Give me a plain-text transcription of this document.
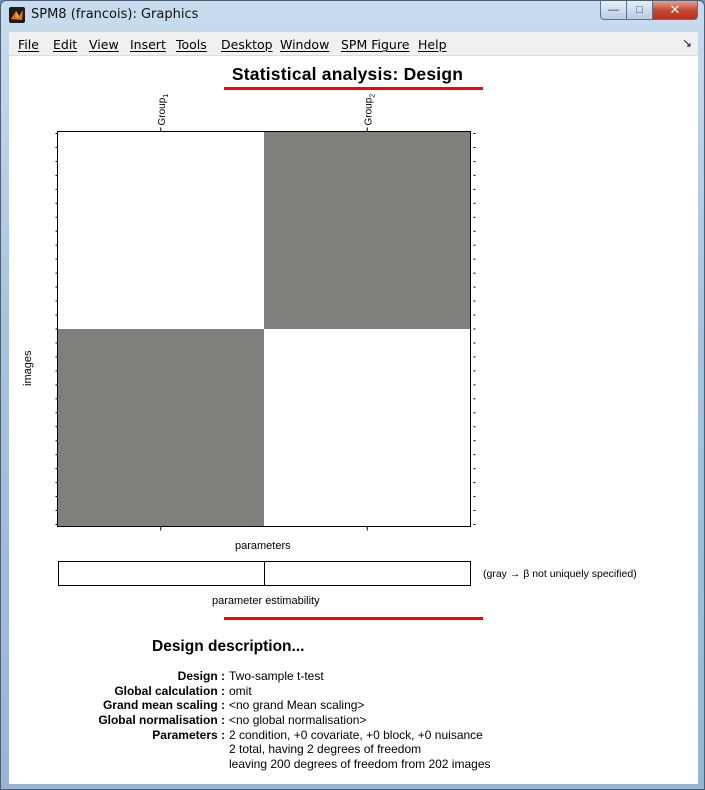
SPM8 (francois): Graphics	— □ ✕
File Edit View Insert Tools Desktop Window SPM Figure Help	↘
Statistical analysis: Design
Group$_1$
Group$_2$
images
parameters
(gray → β not uniquely specified)
parameter estimability
Design description...
Design : Two-sample t-test
Global calculation : omit
Grand mean scaling : <no grand Mean scaling>
Global normalisation : <no global normalisation>
Parameters : 2 condition, +0 covariate, +0 block, +0 nuisance
2 total, having 2 degrees of freedom
leaving 200 degrees of freedom from 202 images
